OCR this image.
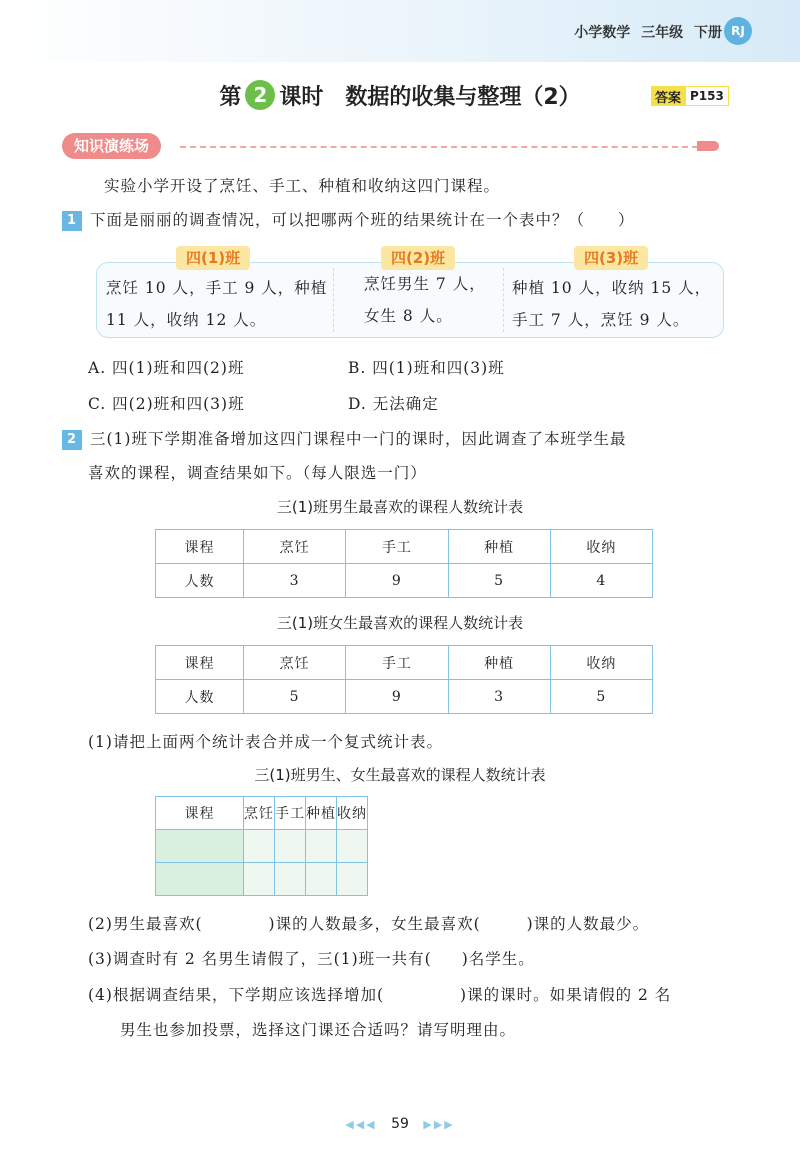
小学数学 三年级 下册 RJ
第 2 课时 数据的收集与整理（2）	答案 P153
知识演练场
实验小学开设了烹饪、手工、种植和收纳这四门课程。
1 下面是丽丽的调查情况，可以把哪两个班的结果统计在一个表中？（　　）
四(1)班	四(2)班	四(3)班
烹饪 10 人，手工 9 人，种植
11 人，收纳 12 人。
烹饪男生 7 人，
女生 8 人。
种植 10 人，收纳 15 人，
手工 7 人，烹饪 9 人。
A. 四(1)班和四(2)班	B. 四(1)班和四(3)班
C. 四(2)班和四(3)班	D. 无法确定
2 三(1)班下学期准备增加这四门课程中一门的课时，因此调查了本班学生最
喜欢的课程，调查结果如下。（每人限选一门）
三(1)班男生最喜欢的课程人数统计表
课程	烹饪	手工	种植	收纳
人数	3	9	5	4
三(1)班女生最喜欢的课程人数统计表
课程	烹饪	手工	种植	收纳
人数	5	9	3	5
(1)请把上面两个统计表合并成一个复式统计表。
三(1)班男生、女生最喜欢的课程人数统计表
课程	烹饪	手工	种植	收纳

(2)男生最喜欢(	)课的人数最多，女生最喜欢(	)课的人数最少。
(3)调查时有 2 名男生请假了，三(1)班一共有( )名学生。
(4)根据调查结果，下学期应该选择增加(	)课的课时。如果请假的 2 名
男生也参加投票，选择这门课还合适吗？请写明理由。
◀◀◀ 59 ▶▶▶
